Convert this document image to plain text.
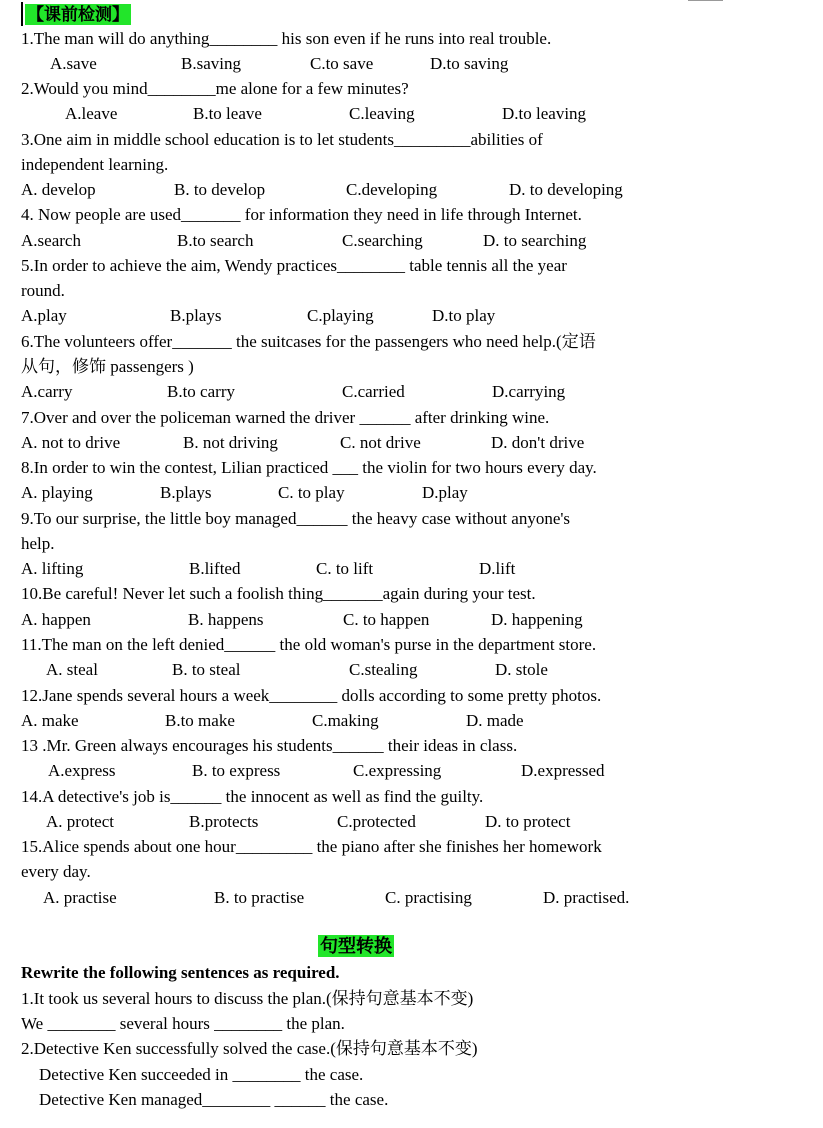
【课前检测】
1.The man will do anything________ his son even if he runs into real trouble.
A.save	B.saving	C.to save	D.to saving
2.Would you mind________me alone for a few minutes?
A.leave	B.to leave	C.leaving	D.to leaving
3.One aim in middle school education is to let students_________abilities of
independent learning.
A. develop	B. to develop	C.developing	D. to developing
4. Now people are used_______ for information they need in life through Internet.
A.search	B.to search	C.searching	D. to searching
5.In order to achieve the aim, Wendy practices________ table tennis all the year
round.
A.play	B.plays	C.playing	D.to play
6.The volunteers offer_______ the suitcases for the passengers who need help.(定语
从句，修饰 passengers )
A.carry	B.to carry	C.carried	D.carrying
7.Over and over the policeman warned the driver ______ after drinking wine.
A. not to drive	B. not driving	C. not drive	D. don't drive
8.In order to win the contest, Lilian practiced ___ the violin for two hours every day.
A. playing	B.plays	C. to play	D.play
9.To our surprise, the little boy managed______ the heavy case without anyone's
help.
A. lifting	B.lifted	C. to lift	D.lift
10.Be careful! Never let such a foolish thing_______again during your test.
A. happen	B. happens	C. to happen	D. happening
11.The man on the left denied______ the old woman's purse in the department store.
A. steal	B. to steal	C.stealing	D. stole
12.Jane spends several hours a week________ dolls according to some pretty photos.
A. make	B.to make	C.making	D. made
13 .Mr. Green always encourages his students______ their ideas in class.
A.express	B. to express	C.expressing	D.expressed
14.A detective's job is______ the innocent as well as find the guilty.
A. protect	B.protects	C.protected	D. to protect
15.Alice spends about one hour_________ the piano after she finishes her homework
every day.
A. practise	B. to practise	C. practising	D. practised.
句型转换
Rewrite the following sentences as required.
1.It took us several hours to discuss the plan.(保持句意基本不变)
We ________ several hours ________ the plan.
2.Detective Ken successfully solved the case.(保持句意基本不变)
Detective Ken succeeded in ________ the case.
Detective Ken managed________ ______ the case.
